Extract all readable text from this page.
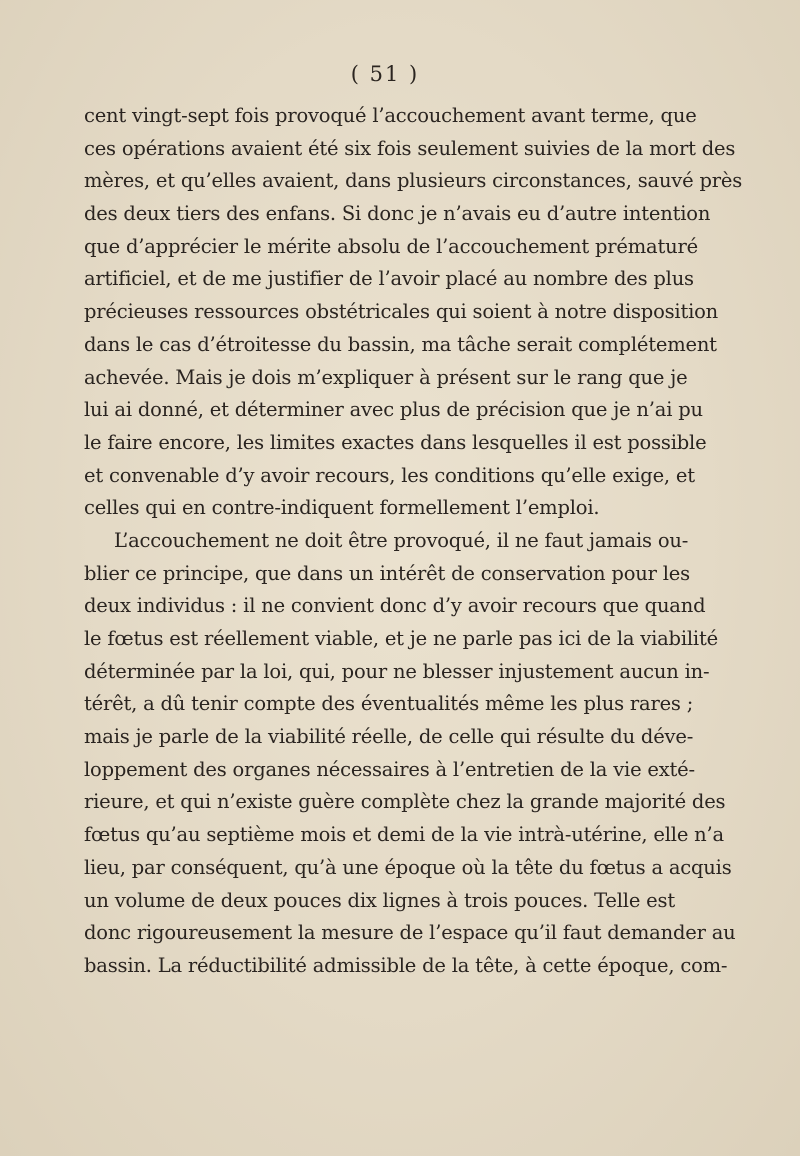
( 51 )
cent vingt-sept fois provoqué l’accouchement avant terme, que
ces opérations avaient été six fois seulement suivies de la mort des
mères, et qu’elles avaient, dans plusieurs circonstances, sauvé près
des deux tiers des enfans. Si donc je n’avais eu d’autre intention
que d’apprécier le mérite absolu de l’accouchement prématuré
artificiel, et de me justifier de l’avoir placé au nombre des plus
précieuses ressources obstétricales qui soient à notre disposition
dans le cas d’étroitesse du bassin, ma tâche serait complétement
achevée. Mais je dois m’expliquer à présent sur le rang que je
lui ai donné, et déterminer avec plus de précision que je n’ai pu
le faire encore, les limites exactes dans lesquelles il est possible
et convenable d’y avoir recours, les conditions qu’elle exige, et
celles qui en contre-indiquent formellement l’emploi.
L’accouchement ne doit être provoqué, il ne faut jamais ou-
blier ce principe, que dans un intérêt de conservation pour les
deux individus : il ne convient donc d’y avoir recours que quand
le fœtus est réellement viable, et je ne parle pas ici de la viabilité
déterminée par la loi, qui, pour ne blesser injustement aucun in-
térêt, a dû tenir compte des éventualités même les plus rares ;
mais je parle de la viabilité réelle, de celle qui résulte du déve-
loppement des organes nécessaires à l’entretien de la vie exté-
rieure, et qui n’existe guère complète chez la grande majorité des
fœtus qu’au septième mois et demi de la vie intrà-utérine, elle n’a
lieu, par conséquent, qu’à une époque où la tête du fœtus a acquis
un volume de deux pouces dix lignes à trois pouces. Telle est
donc rigoureusement la mesure de l’espace qu’il faut demander au
bassin. La réductibilité admissible de la tête, à cette époque, com-
